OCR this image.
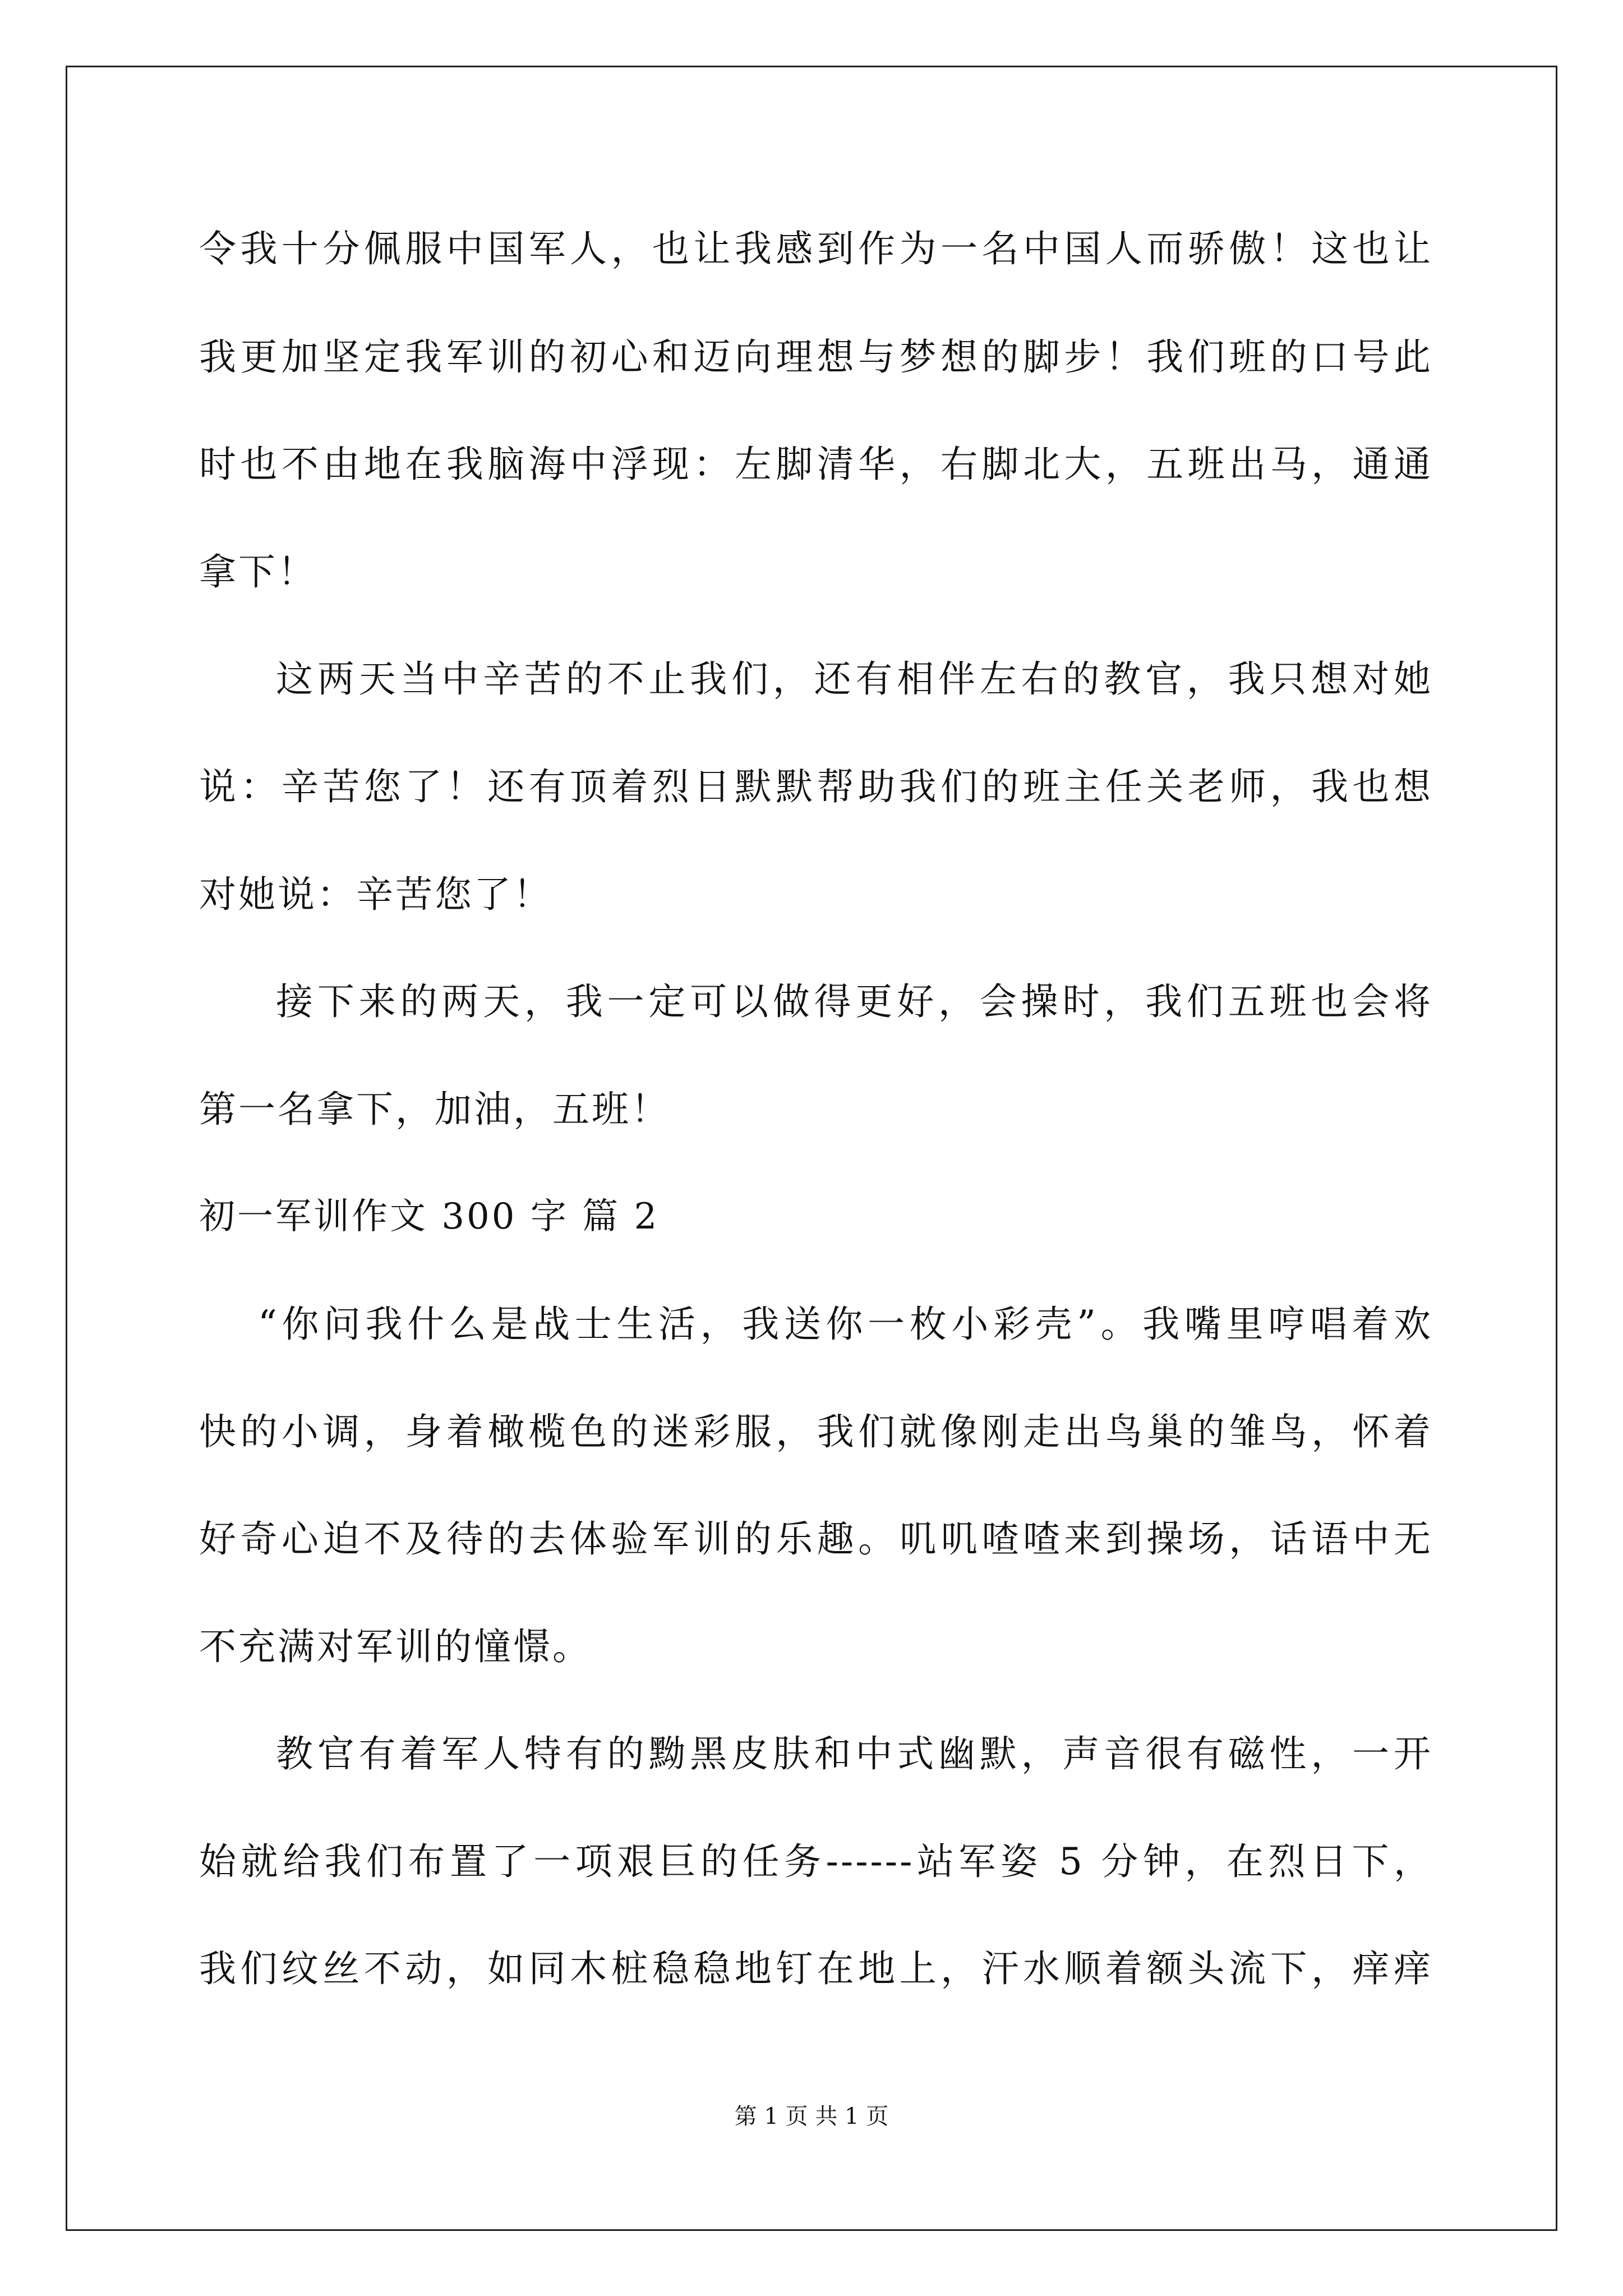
令我十分佩服中国军人，也让我感到作为一名中国人而骄傲！这也让
我更加坚定我军训的初心和迈向理想与梦想的脚步！我们班的口号此
时也不由地在我脑海中浮现：左脚清华，右脚北大，五班出马，通通
拿下！
这两天当中辛苦的不止我们，还有相伴左右的教官，我只想对她
说：辛苦您了！还有顶着烈日默默帮助我们的班主任关老师，我也想
对她说：辛苦您了！
接下来的两天，我一定可以做得更好，会操时，我们五班也会将
第一名拿下，加油，五班！
初一军训作文 300 字 篇 2
“你问我什么是战士生活，我送你一枚小彩壳”。我嘴里哼唱着欢
快的小调，身着橄榄色的迷彩服，我们就像刚走出鸟巢的雏鸟，怀着
好奇心迫不及待的去体验军训的乐趣。叽叽喳喳来到操场，话语中无
不充满对军训的憧憬。
教官有着军人特有的黝黑皮肤和中式幽默，声音很有磁性，一开
始就给我们布置了一项艰巨的任务------站军姿 5 分钟，在烈日下，
我们纹丝不动，如同木桩稳稳地钉在地上，汗水顺着额头流下，痒痒
第 1 页 共 1 页
